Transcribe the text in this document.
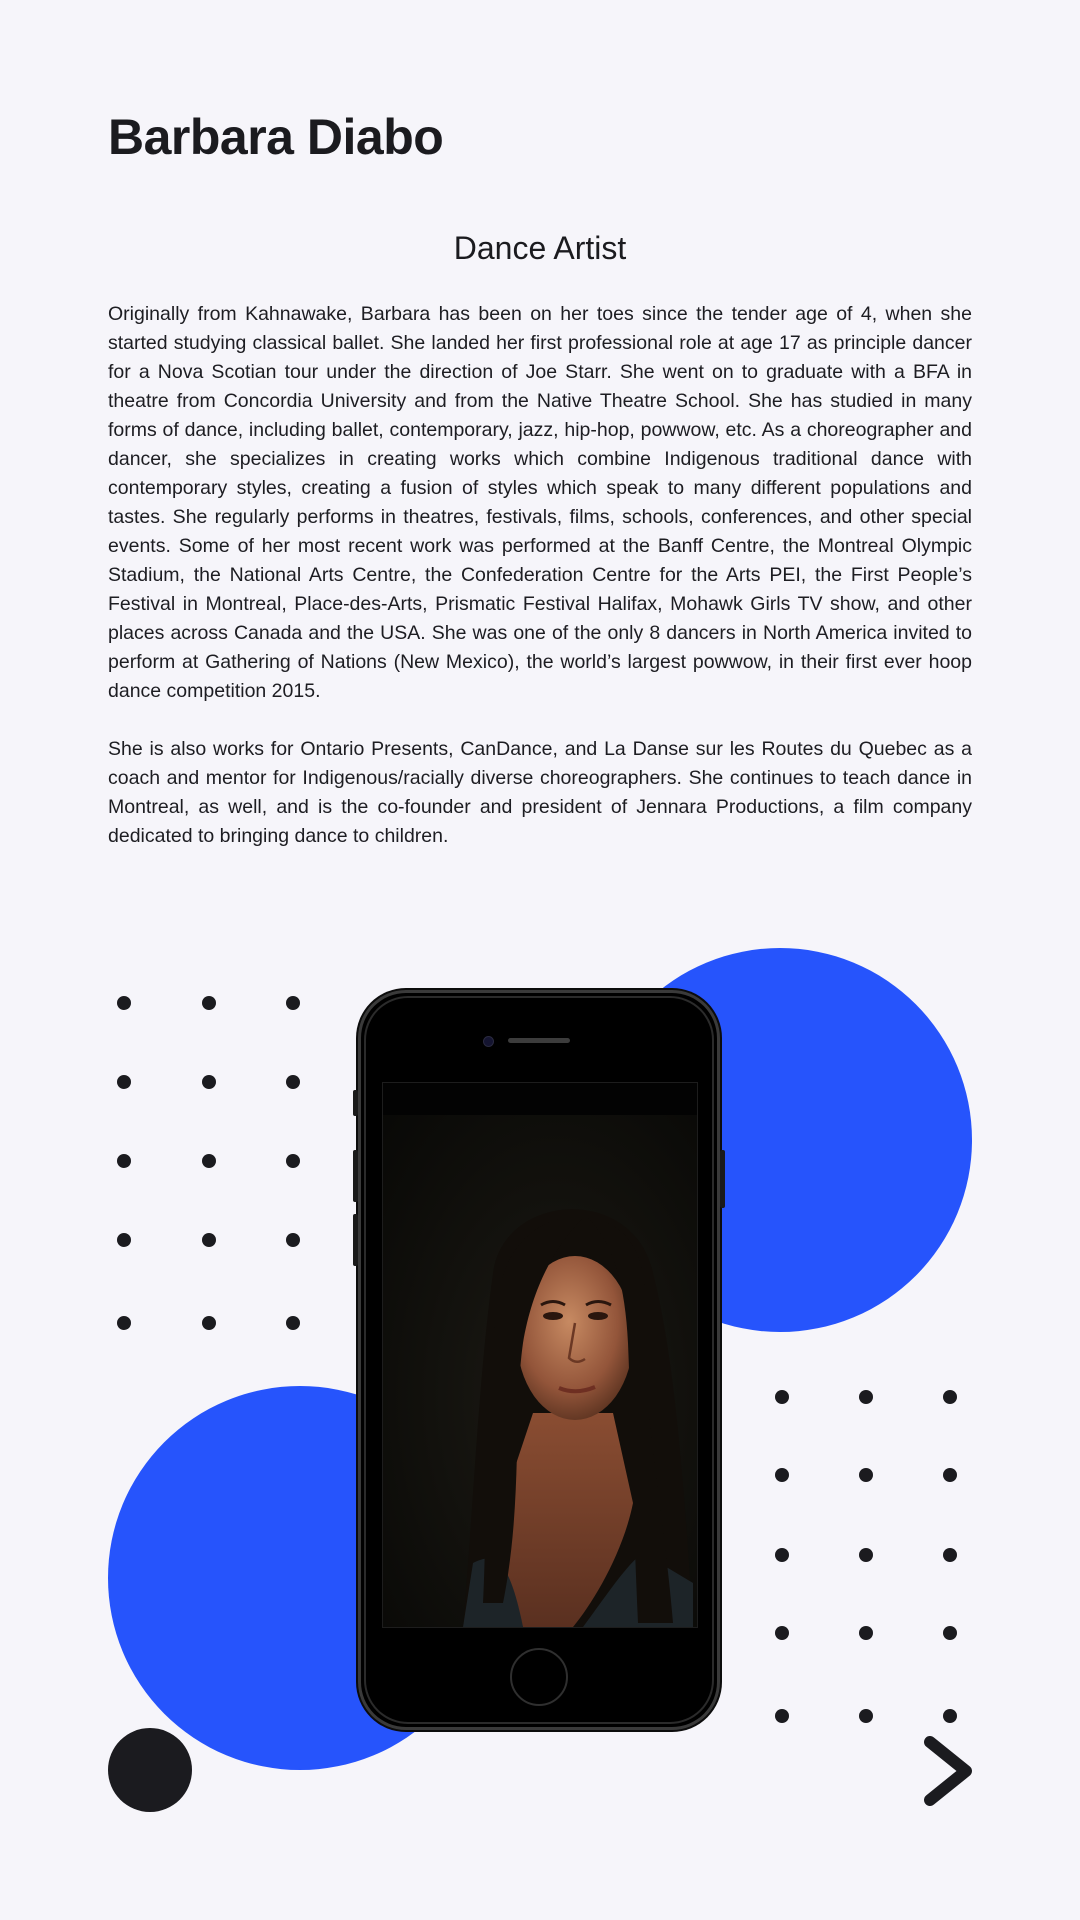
Barbara Diabo
Dance Artist

Originally from Kahnawake, Barbara has been on her toes since the tender age of 4, when she started studying classical ballet. She landed her first professional role at age 17 as principle dancer for a Nova Scotian tour under the direction of Joe Starr. She went on to graduate with a BFA in theatre from Concordia University and from the Native Theatre School. She has studied in many forms of dance, including ballet, contemporary, jazz, hip-hop, powwow, etc. As a choreographer and dancer, she specializes in creating works which combine Indigenous traditional dance with contemporary styles, creating a fusion of styles which speak to many different populations and tastes. She regularly performs in theatres, festivals, films, schools, conferences, and other special events. Some of her most recent work was performed at the Banff Centre, the Montreal Olympic Stadium, the National Arts Centre, the Confederation Centre for the Arts PEI, the First People’s Festival in Montreal, Place-des-Arts, Prismatic Festival Halifax, Mohawk Girls TV show, and other places across Canada and the USA. She was one of the only 8 dancers in North America invited to perform at Gathering of Nations (New Mexico), the world’s largest powwow, in their first ever hoop dance competition 2015.

She is also works for Ontario Presents, CanDance, and La Danse sur les Routes du Quebec as a coach and mentor for Indigenous/racially diverse choreographers. She continues to teach dance in Montreal, as well, and is the co-founder and president of Jennara Productions, a film company dedicated to bringing dance to children.
